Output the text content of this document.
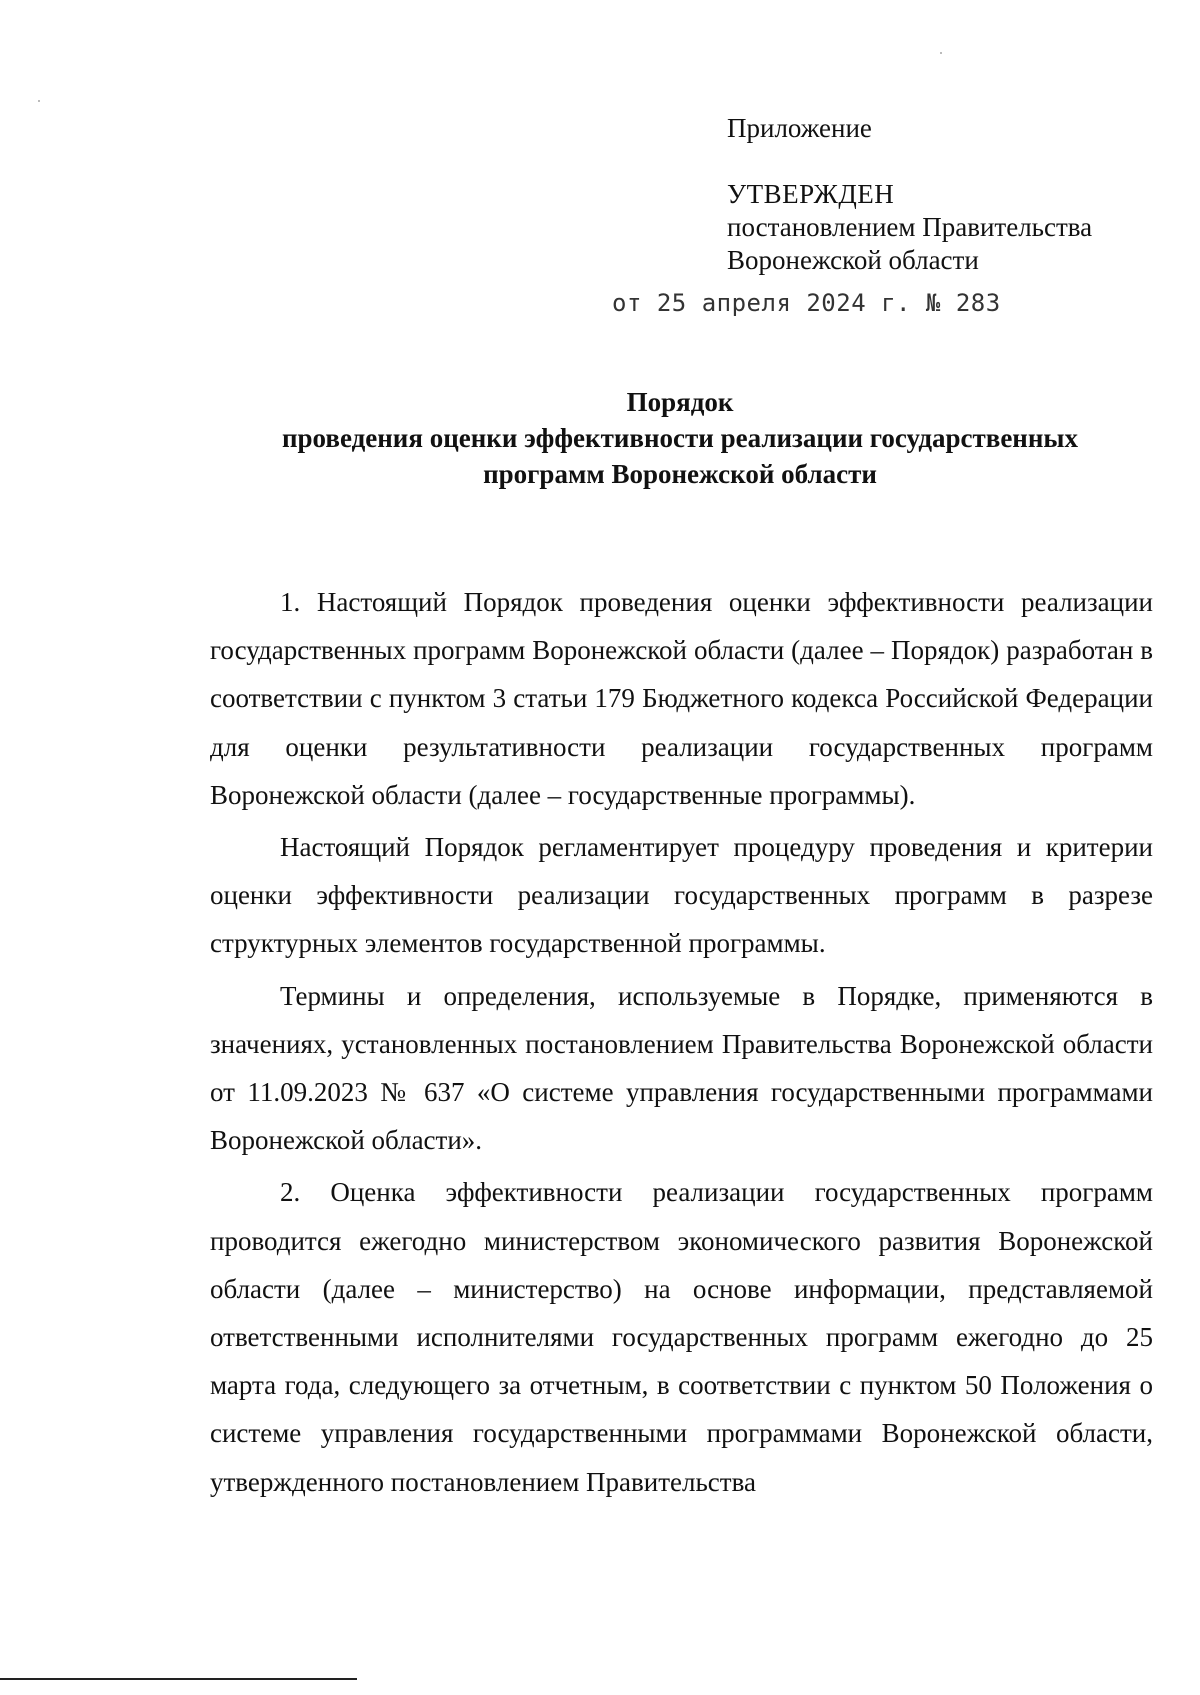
Приложение
УТВЕРЖДЕН
постановлением Правительства
Воронежской области
от 25 апреля 2024 г. № 283
Порядок
проведения оценки эффективности реализации государственных
программ Воронежской области

1. Настоящий Порядок проведения оценки эффективности реализации государственных программ Воронежской области (далее – Порядок) разработан в соответствии с пунктом 3 статьи 179 Бюджетного кодекса Российской Федерации для оценки результативности реализации государственных программ Воронежской области (далее – государственные программы).

Настоящий Порядок регламентирует процедуру проведения и критерии оценки эффективности реализации государственных программ в разрезе структурных элементов государственной программы.

Термины и определения, используемые в Порядке, применяются в значениях, установленных постановлением Правительства Воронежской области от 11.09.2023 № 637 «О системе управления государственными программами Воронежской области».

2. Оценка эффективности реализации государственных программ проводится ежегодно министерством экономического развития Воронежской области (далее – министерство) на основе информации, представляемой ответственными исполнителями государственных программ ежегодно до 25 марта года, следующего за отчетным, в соответствии с пунктом 50 Положения о системе управления государственными программами Воронежской области, утвержденного постановлением Правительства
